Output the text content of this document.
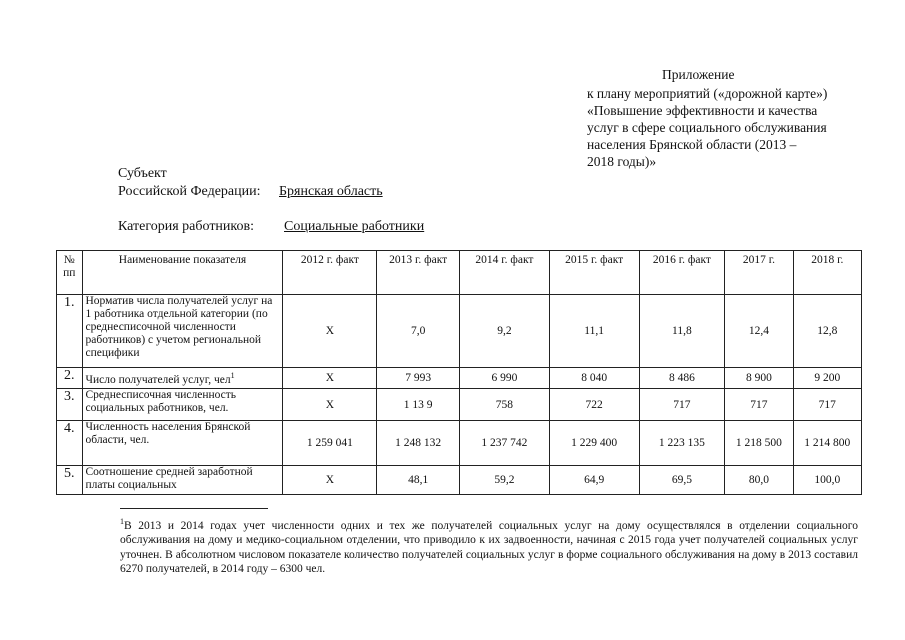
Приложение
к плану мероприятий («дорожной карте»)
«Повышение эффективности и качества
услуг в сфере социального обслуживания
населения Брянской области (2013 –
2018 годы)»
Субъект
Российской Федерации: Брянская область
Категория работников: Социальные работники
№ пп	Наименование показателя	2012 г. факт	2013 г. факт	2014 г. факт	2015 г. факт	2016 г. факт	2017 г.	2018 г.
1.	Норматив числа получателей услуг на 1 работника отдельной категории (по среднесписочной численности работников) с учетом региональной специфики	Х	7,0	9,2	11,1	11,8	12,4	12,8
2.	Число получателей услуг, чел$^1$	Х	7 993	6 990	8 040	8 486	8 900	9 200
3.	Среднесписочная численность социальных работников, чел.	Х	1 13 9	758	722	717	717	717
4.	Численность населения Брянской области, чел.	1 259 041	1 248 132	1 237 742	1 229 400	1 223 135	1 218 500	1 214 800
5.	Соотношение средней заработной платы социальных	Х	48,1	59,2	64,9	69,5	80,0	100,0
$^1$В 2013 и 2014 годах учет численности одних и тех же получателей социальных услуг на дому осуществлялся в отделении социального обслуживания на дому и медико-социальном отделении, что приводило к их задвоенности, начиная с 2015 года учет получателей социальных услуг уточнен. В абсолютном числовом показателе количество получателей социальных услуг в форме социального обслуживания на дому в 2013 составил 6270 получателей, в 2014 году – 6300 чел.
